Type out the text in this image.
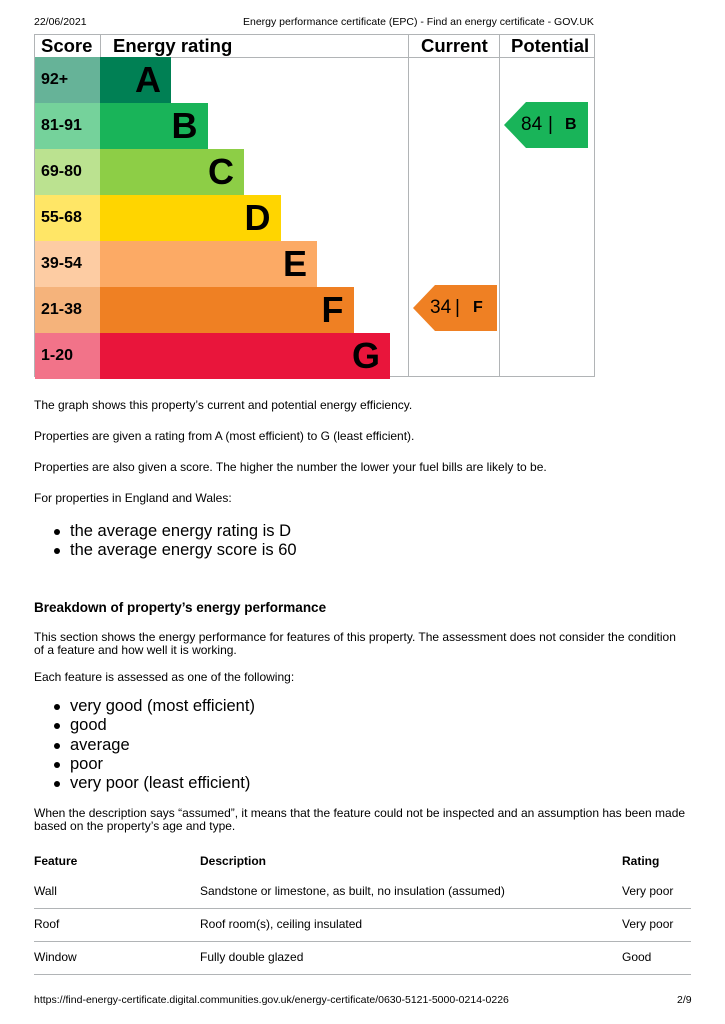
22/06/2021	Energy performance certificate (EPC) - Find an energy certificate - GOV.UK
Score Energy rating	Current Potential
92+	A
81-91	B
69-80	C
55-68	D
39-54	E
21-38	F
1-20	G
34 | F
84 | B

The graph shows this property’s current and potential energy efficiency.

Properties are given a rating from A (most efficient) to G (least efficient).

Properties are also given a score. The higher the number the lower your fuel bills are likely to be.

For properties in England and Wales:

the average energy rating is D
the average energy score is 60
Breakdown of property’s energy performance

This section shows the energy performance for features of this property. The assessment does not consider the condition of a feature and how well it is working.

Each feature is assessed as one of the following:

very good (most efficient)
good
average
poor
very poor (least efficient)

When the description says “assumed”, it means that the feature could not be inspected and an assumption has been made based on the property’s age and type.

Feature	Description	Rating
Wall	Sandstone or limestone, as built, no insulation (assumed)	Very poor
Roof	Roof room(s), ceiling insulated	Very poor
Window	Fully double glazed	Good
https://find-energy-certificate.digital.communities.gov.uk/energy-certificate/0630-5121-5000-0214-0226	2/9
